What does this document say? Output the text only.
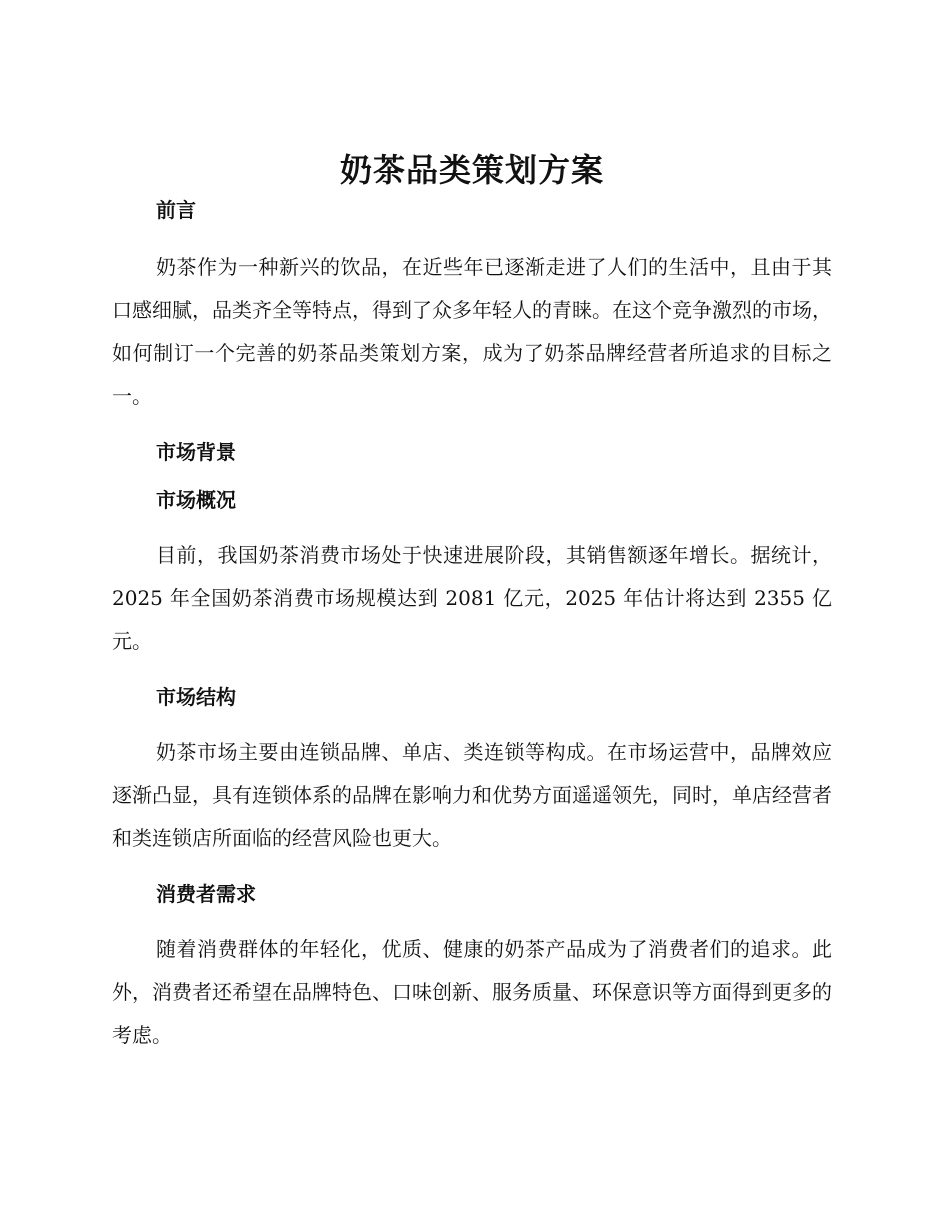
奶茶品类策划方案
前言

奶茶作为一种新兴的饮品，在近些年已逐渐走进了人们的生活中，且由于其口感细腻，品类齐全等特点，得到了众多年轻人的青睐。在这个竞争激烈的市场，如何制订一个完善的奶茶品类策划方案，成为了奶茶品牌经营者所追求的目标之一。

市场背景
市场概况

目前，我国奶茶消费市场处于快速进展阶段，其销售额逐年增长。据统计，2025 年全国奶茶消费市场规模达到 2081 亿元，2025 年估计将达到 2355 亿元。

市场结构

奶茶市场主要由连锁品牌、单店、类连锁等构成。在市场运营中，品牌效应逐渐凸显，具有连锁体系的品牌在影响力和优势方面遥遥领先，同时，单店经营者和类连锁店所面临的经营风险也更大。

消费者需求

随着消费群体的年轻化，优质、健康的奶茶产品成为了消费者们的追求。此外，消费者还希望在品牌特色、口味创新、服务质量、环保意识等方面得到更多的考虑。
